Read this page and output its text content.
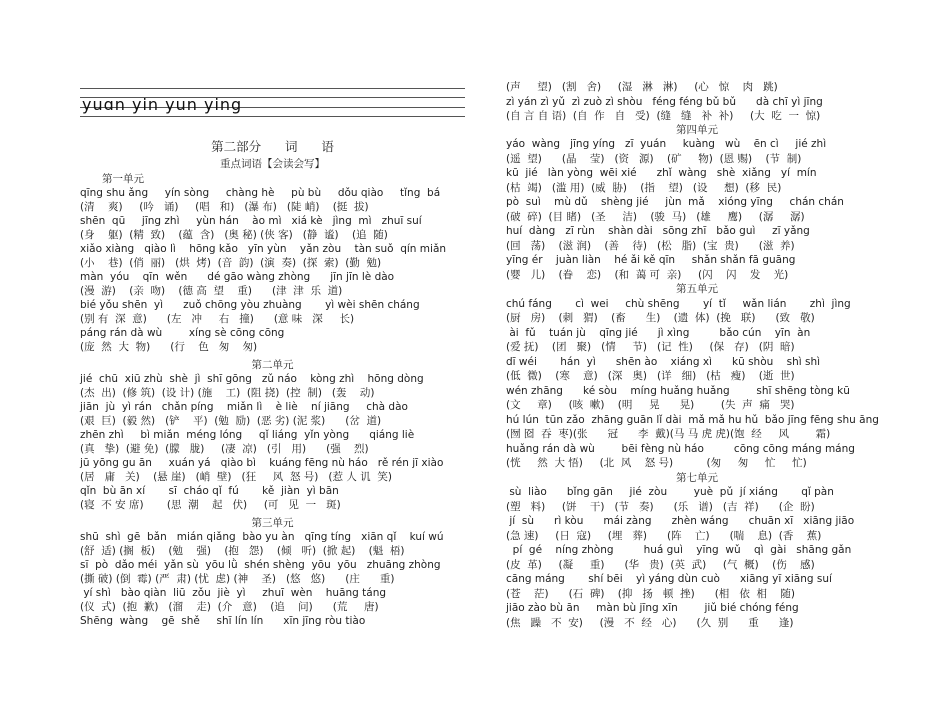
yuɑn yin yun ying
第二部分      词      语
重点词语【会读会写】
第一单元
qīng shu ǎng     yín sòng     chàng hè     pù bù     dǒu qiào     tǐng  bá
(清    爽)     (吟   诵)     (唱   和)   (瀑 布)   (陡 峭)    (挺  拔)
shēn  qū     jīng zhì     yùn hán    ào mì   xiá kè   jìng  mì   zhuī suí
(身    躯)  (精  致)    (蕴  含)   (奥 秘) (侠 客)   (静  谧)    (追  随)
xiǎo xiàng   qiào lì    hōng kǎo   yīn yùn    yǎn zòu    tàn suǒ  qín miǎn
(小    巷)  (俏  丽)   (烘  烤)  (音  韵)  (演  奏)  (探  索)  (勤  勉)
màn  yóu    qīn  wěn      dé gāo wàng zhòng      jīn jīn lè dào
(漫  游)    (亲  吻)    (德 高  望    重)      (津  津  乐  道)
bié yǒu shēn  yì      zuǒ chōng yòu zhuàng       yì wèi shēn cháng
(别 有  深  意)      (左   冲     右   撞)      (意 味   深     长)
páng rán dà wù        xíng sè cōng cōng
(庞  然  大  物)      (行    色   匆    匆)
第二单元
jié  chū  xiū zhù  shè  jì  shī gōng   zǔ náo    kòng zhì    hōng dòng
(杰  出)  (修 筑)  (设 计) (施    工)  (阻 挠)  (控  制)   (轰    动)
jiān  jù  yì rán   chǎn píng    miǎn lì    è liè    ní jiāng     chà dào
(艰  巨)  (毅 然)   (铲    平)  (勉  励)  (恶 劣) (泥 浆)      (岔  道)
zhēn zhì     bì miǎn  méng lóng     qǐ liáng  yǐn yòng      qiáng liè
(真   挚)  (避 免)  (朦   胧)     (凄  凉)   (引   用)      (强    烈)
jū yōng gu ān     xuán yá   qiào bì    kuáng fēng nù háo   rě rén jī xiào
(居   庸   关)    (悬 崖)   (峭  壁)   (狂     风  怒 号)   (惹 人 讥  笑)
qǐn  bù ān xí       sī  cháo qǐ  fú       kě  jiàn  yì bān
(寝  不 安 席)       (思  潮    起   伏)     (可   见  一   斑)
第三单元
shū  shì  gē  bǎn   mián qiǎng  bào yu àn   qīng tíng   xiān qǐ    kuí wú
(舒  适) (搁  板)    (勉    强)    (抱   怨)    (倾   听)  (掀 起)    (魁  梧)
sī  pò  dǎo méi  yǎn sù  yōu lǜ  shén shèng  yōu  yōu   zhuāng zhòng
(撕 破) (倒  霉) (严  肃) (忧  虑) (神    圣)   (悠   悠)      (庄      重)
yí shì   bào qiàn  liū  zǒu  jiè  yì     zhuī  wèn    huāng táng
(仪  式)  (抱  歉)   (溜    走)  (介   意)    (追    问)      (荒     唐)
Shēng  wàng    gē  shě     shī lín lín      xīn jīng ròu tiào
(声     望)   (割   舍)     (湿   淋   淋)     (心   惊    肉   跳)
zì yán zì yǔ  zì zuò zì shòu   féng féng bǔ bǔ      dà chī yì jīng
(自 言 自 语)  (自  作   自   受)  (缝   缝   补  补)     (大  吃  一  惊)
第四单元
yáo  wàng   jīng yíng   zī  yuán     kuàng   wù    ēn cì     jié zhì
(遥  望)      (晶    莹)   (资   源)    (矿     物)  (恩 赐)    (节  制)
kū  jié   làn yòng  wēi xié      zhǐ  wàng   shè  xiǎng   yí  mín
(枯  竭)   (滥 用)  (威  胁)    (指    望)   (设     想)  (移  民)
pò  suì    mù dǔ    shèng jié     jùn  mǎ    xióng yīng     chán chán
(破  碎)  (目 睹)   (圣     洁)    (骏  马)   (雄     鹰)     (潺     潺)
huí  dàng   zī rùn    shàn dài   sōng zhī   bǎo guì     zī yǎng
(回   荡)    (滋 润)    (善    待)   (松   脂)  (宝  贵)      (滋  养)
yīng ér    juàn liàn    hé ǎi kě qīn     shǎn shǎn fā guāng
(婴   儿)    (眷    恋)    (和  蔼 可  亲)     (闪    闪    发    光)
第五单元
chú fáng       cì  wei     chù shēng       yí  tǐ     wǎn lián       zhì  jìng
(厨   房)    (刺   猬)    (畜      生)    (遗  体)  (挽   联)      (致   敬)
ài  fǔ    tuán jù    qīng jié      jì xìng         bǎo cún    yīn  àn
(爱 抚)    (团   聚)   (情     节)   (记  性)     (保   存)   (阴  暗)
dī wéi       hán  yì      shēn ào    xiáng xì      kū shòu    shì shì
(低  微)    (寒    意)   (深   奥)   (详   细)   (枯   瘦)    (逝  世)
wén zhāng      ké sòu    míng huǎng huǎng        shī shēng tòng kū
(文     章)     (咳  嗽)    (明     晃      晃)        (失  声  痛   哭)
hú lún  tūn zǎo  zhāng guān lǐ dài  mǎ mǎ hu hǔ  bǎo jīng fēng shu āng
(囫 囵  吞  枣)(张      冠      李  戴)(马 马 虎 虎)(饱  经     风        霜)
huǎng rán dà wù        bēi fèng nù háo         cōng cōng máng máng
(恍     然  大 悟)     (北  风    怒 号)          (匆     匆     忙     忙)
第七单元
sù  liào      bǐng gān     jié  zòu        yuè  pǔ  jí xiáng       qǐ pàn
(塑   料)     (饼    干)   (节   奏)      (乐   谱)   (吉  祥)      (企  盼)
jí  sù      rì kòu      mái zàng      zhèn wáng      chuān xī   xiāng jiāo
(急 速)     (日  寇)     (埋   葬)      (阵    亡)      (喘    息)  (香    蕉)
pí  gé    níng zhòng         huá guì    yīng  wǔ    qì  gài   shāng gǎn
(皮  革)     (凝     重)      (华   贵)  (英  武)     (气  概)    (伤    感)
cāng máng       shí bēi    yì yáng dùn cuò      xiāng yī xiāng suí
(苍    茫)      (石  碑)    (抑   扬   顿  挫)      (相   依  相    随)
jiāo zào bù ān     màn bù jīng xīn        jiǔ bié chóng féng
(焦   躁   不  安)     (漫   不  经   心)      (久  别      重      逢)
